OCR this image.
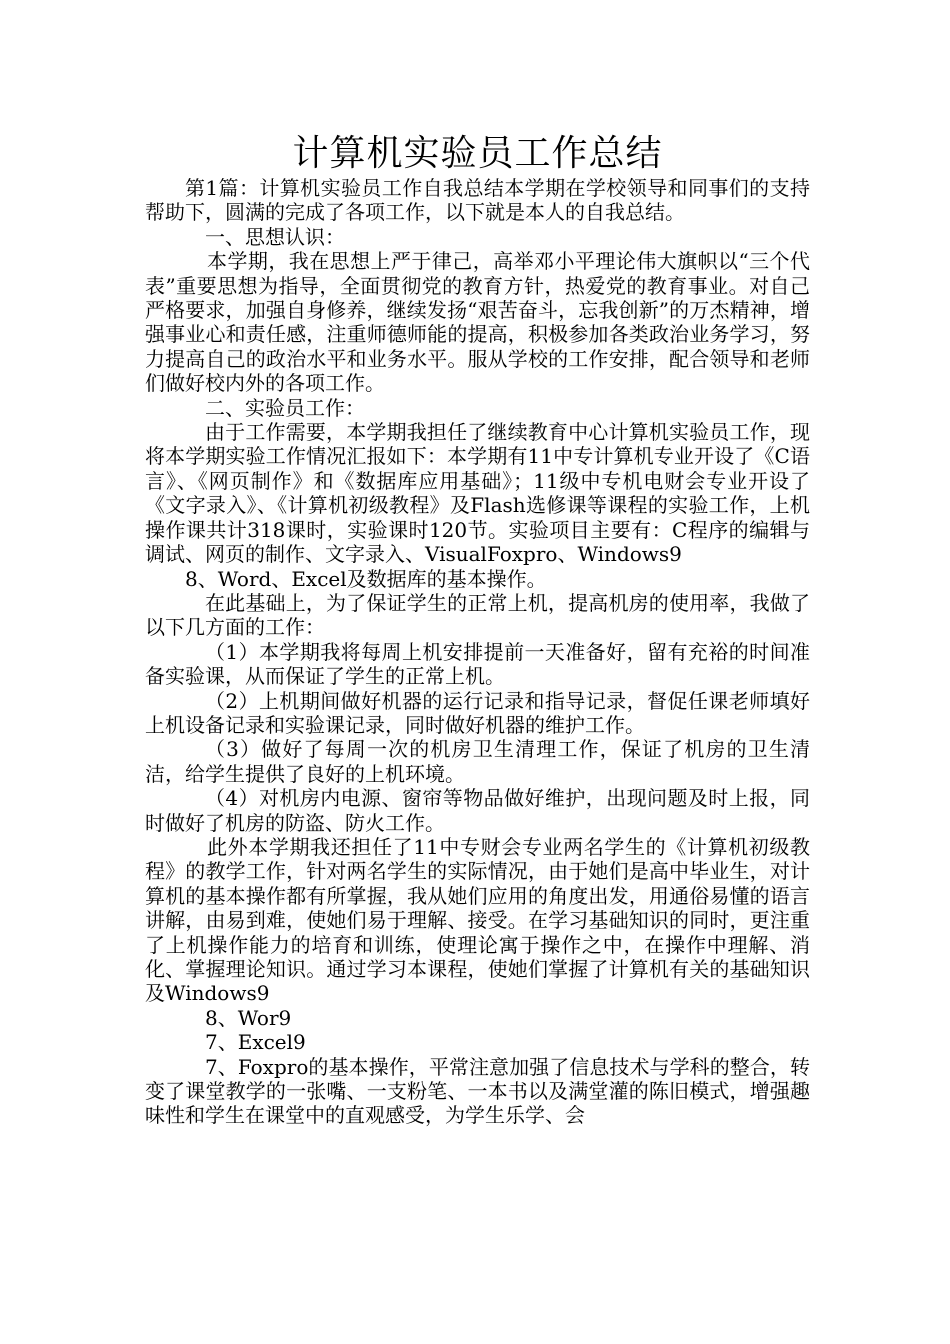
计算机实验员工作总结

第1篇：计算机实验员工作自我总结本学期在学校领导和同事们的支持帮助下，圆满的完成了各项工作，以下就是本人的自我总结。

一、思想认识：

本学期，我在思想上严于律己，高举邓小平理论伟大旗帜以“三个代表”重要思想为指导，全面贯彻党的教育方针，热爱党的教育事业。对自己严格要求，加强自身修养，继续发扬“艰苦奋斗，忘我创新”的万杰精神，增强事业心和责任感，注重师德师能的提高，积极参加各类政治业务学习，努力提高自己的政治水平和业务水平。服从学校的工作安排，配合领导和老师们做好校内外的各项工作。

二、实验员工作：

由于工作需要，本学期我担任了继续教育中心计算机实验员工作，现将本学期实验工作情况汇报如下：本学期有11中专计算机专业开设了《C语言》、《网页制作》和《数据库应用基础》；11级中专机电财会专业开设了《文字录入》、《计算机初级教程》及Flash选修课等课程的实验工作，上机操作课共计318课时，实验课时120节。实验项目主要有：C程序的编辑与调试、网页的制作、文字录入、VisualFoxpro、Windows9

8、Word、Excel及数据库的基本操作。

在此基础上，为了保证学生的正常上机，提高机房的使用率，我做了以下几方面的工作：

（1）本学期我将每周上机安排提前一天准备好，留有充裕的时间准备实验课，从而保证了学生的正常上机。

（2）上机期间做好机器的运行记录和指导记录，督促任课老师填好上机设备记录和实验课记录，同时做好机器的维护工作。

（3）做好了每周一次的机房卫生清理工作，保证了机房的卫生清洁，给学生提供了良好的上机环境。

（4）对机房内电源、窗帘等物品做好维护，出现问题及时上报，同时做好了机房的防盗、防火工作。

此外本学期我还担任了11中专财会专业两名学生的《计算机初级教程》的教学工作，针对两名学生的实际情况，由于她们是高中毕业生，对计算机的基本操作都有所掌握，我从她们应用的角度出发，用通俗易懂的语言讲解，由易到难，使她们易于理解、接受。在学习基础知识的同时，更注重了上机操作能力的培育和训练，使理论寓于操作之中，在操作中理解、消化、掌握理论知识。通过学习本课程，使她们掌握了计算机有关的基础知识及Windows9

8、Wor9

7、Excel9

7、Foxpro的基本操作，平常注意加强了信息技术与学科的整合，转变了课堂教学的一张嘴、一支粉笔、一本书以及满堂灌的陈旧模式，增强趣味性和学生在课堂中的直观感受，为学生乐学、会
